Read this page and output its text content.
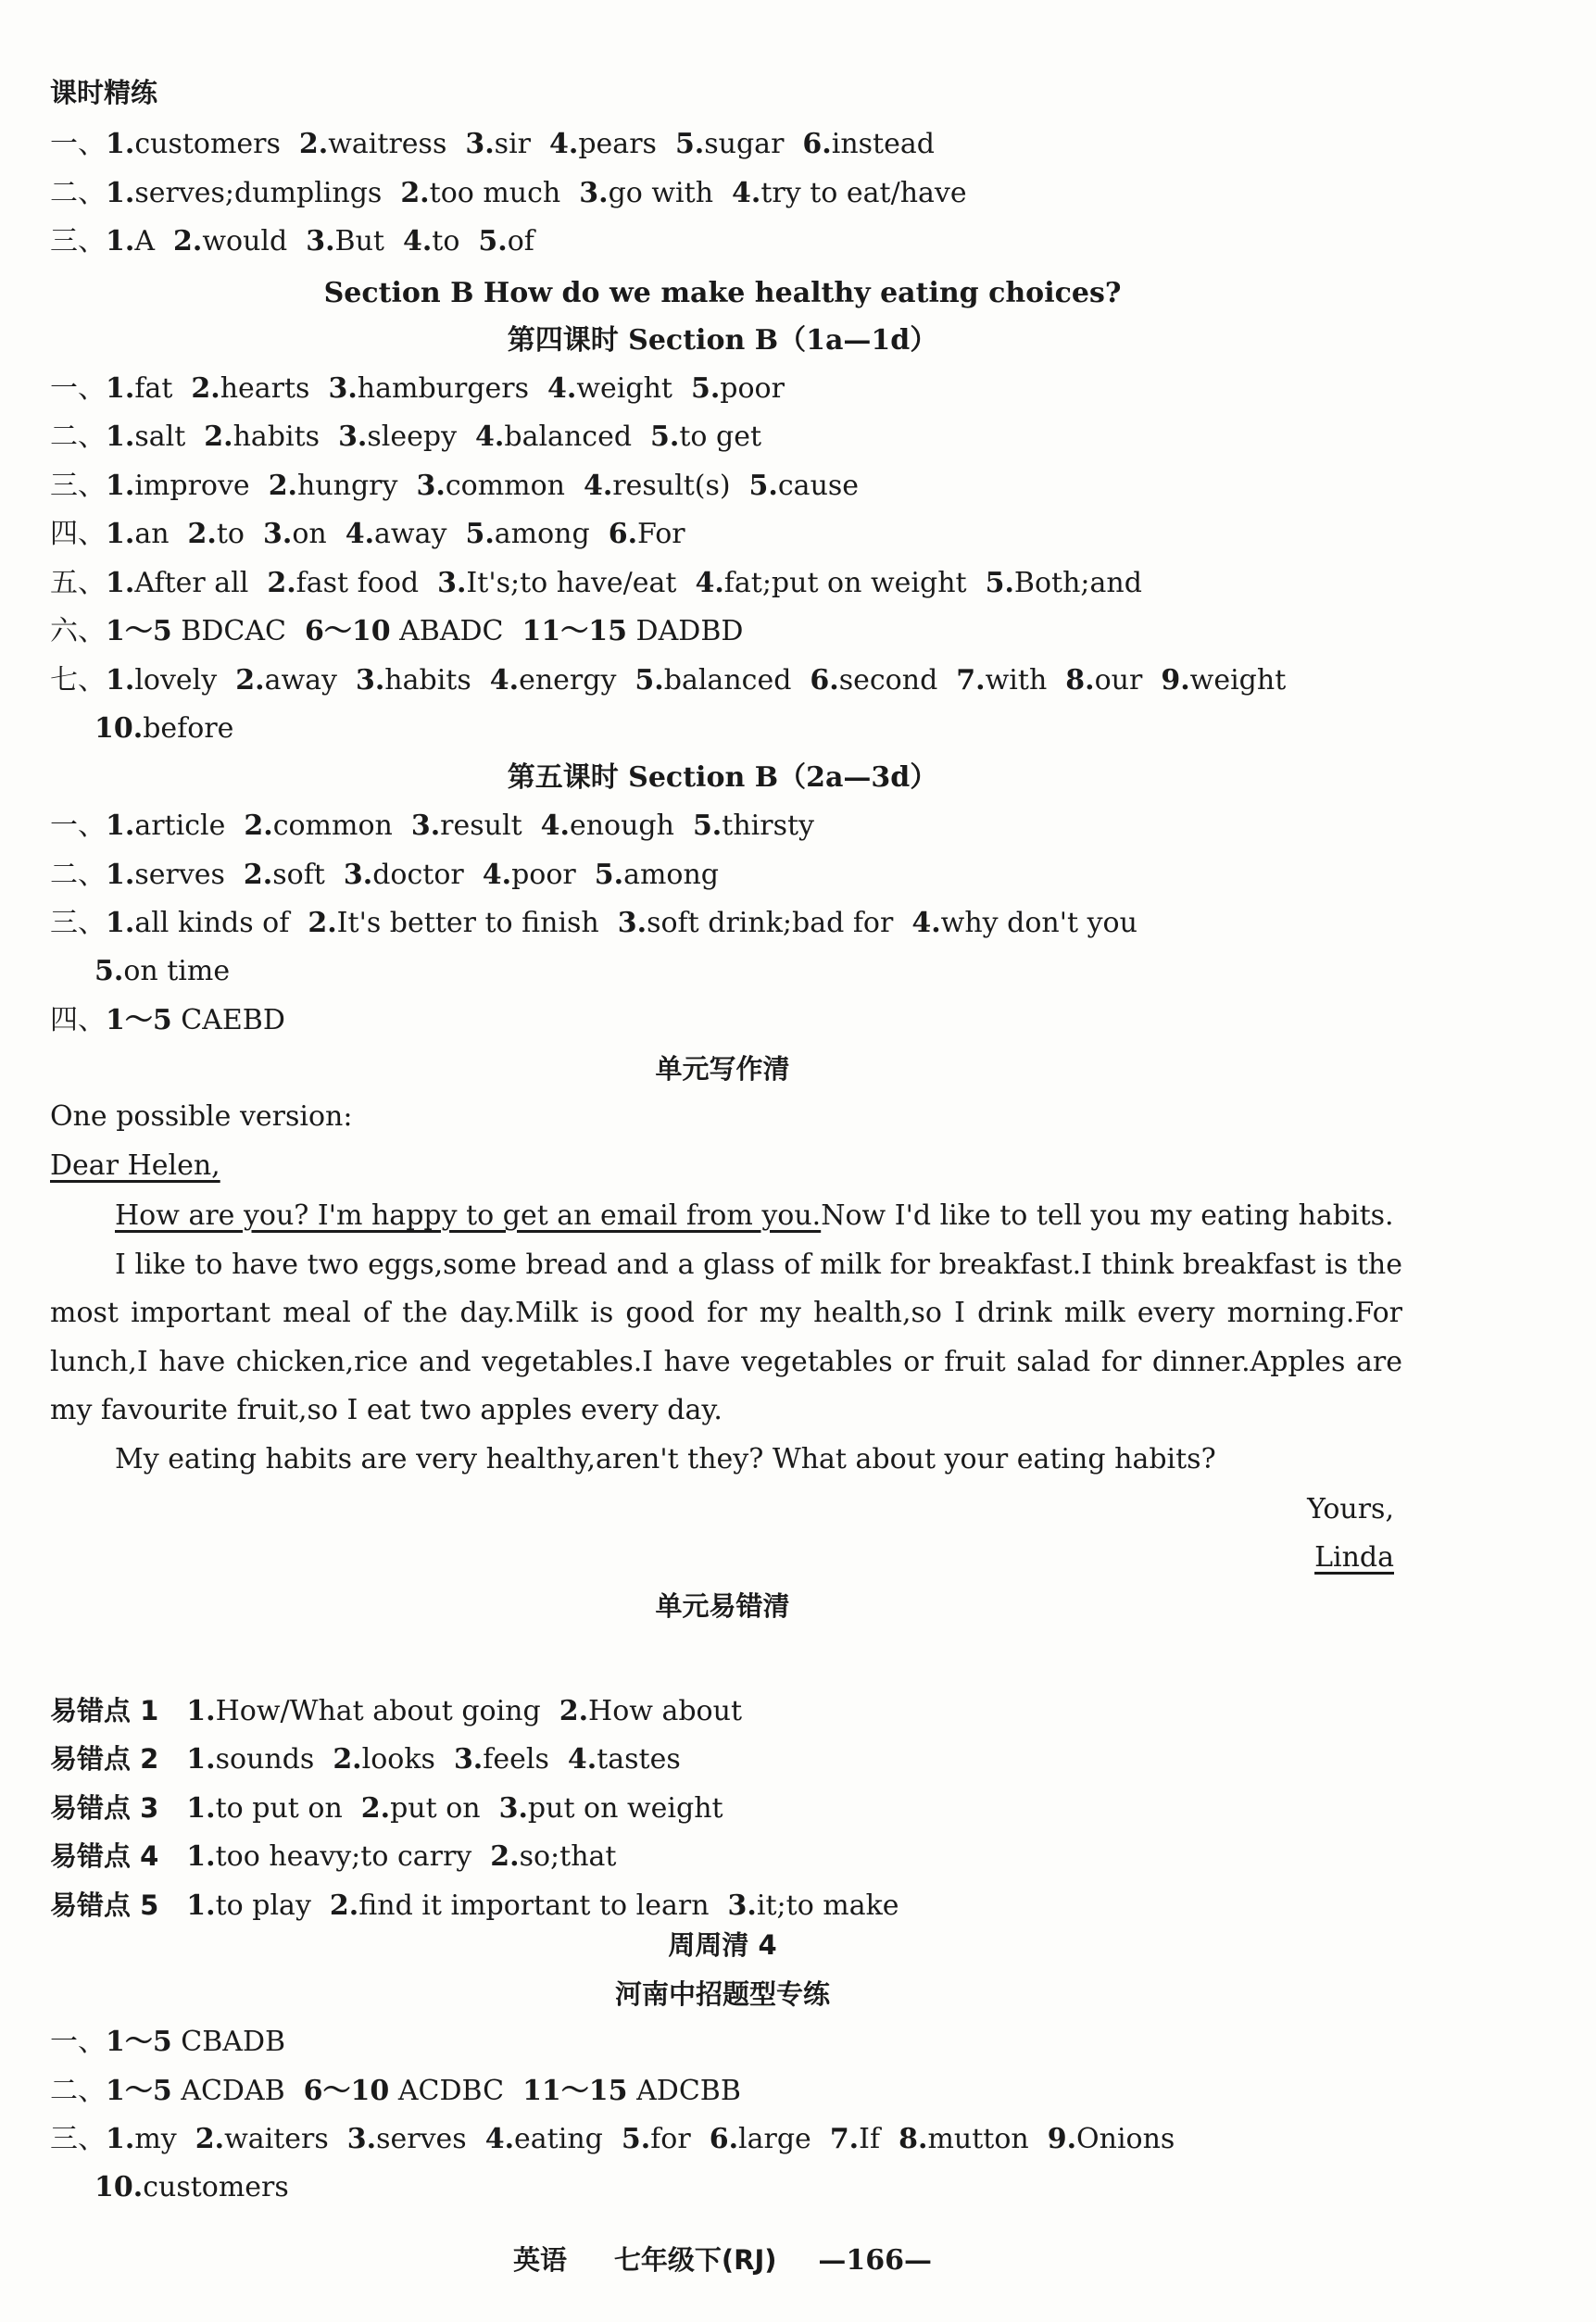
课时精练
一、1.customers 2.waitress 3.sir 4.pears 5.sugar 6.instead
二、1.serves;dumplings 2.too much 3.go with 4.try to eat/have
三、1.A 2.would 3.But 4.to 5.of
Section B How do we make healthy eating choices?
第四课时 Section B（1a—1d）
一、1.fat 2.hearts 3.hamburgers 4.weight 5.poor
二、1.salt 2.habits 3.sleepy 4.balanced 5.to get
三、1.improve 2.hungry 3.common 4.result(s) 5.cause
四、1.an 2.to 3.on 4.away 5.among 6.For
五、1.After all 2.fast food 3.It's;to have/eat 4.fat;put on weight 5.Both;and
六、1～5 BDCAC 6～10 ABADC 11～15 DADBD
七、1.lovely 2.away 3.habits 4.energy 5.balanced 6.second 7.with 8.our 9.weight
10.before
第五课时 Section B（2a—3d）
一、1.article 2.common 3.result 4.enough 5.thirsty
二、1.serves 2.soft 3.doctor 4.poor 5.among
三、1.all kinds of 2.It's better to finish 3.soft drink;bad for 4.why don't you
5.on time
四、1～5 CAEBD
单元写作清
One possible version:
Dear Helen,

How are you? I'm happy to get an email from you.Now I'd like to tell you my eating habits.

I like to have two eggs,some bread and a glass of milk for breakfast.I think breakfast is the most important meal of the day.Milk is good for my health,so I drink milk every morning.For lunch,I have chicken,rice and vegetables.I have vegetables or fruit salad for dinner.Apples are my favourite fruit,so I eat two apples every day.

My eating habits are very healthy,aren't they? What about your eating habits?

Yours,
Linda
单元易错清
易错点 1 1.How/What about going 2.How about
易错点 2 1.sounds 2.looks 3.feels 4.tastes
易错点 3 1.to put on 2.put on 3.put on weight
易错点 4 1.too heavy;to carry 2.so;that
易错点 5 1.to play 2.find it important to learn 3.it;to make
周周清 4
河南中招题型专练
一、1～5 CBADB
二、1～5 ACDAB 6～10 ACDBC 11～15 ADCBB
三、1.my 2.waiters 3.serves 4.eating 5.for 6.large 7.If 8.mutton 9.Onions
10.customers
英语 七年级下(RJ) —166—
